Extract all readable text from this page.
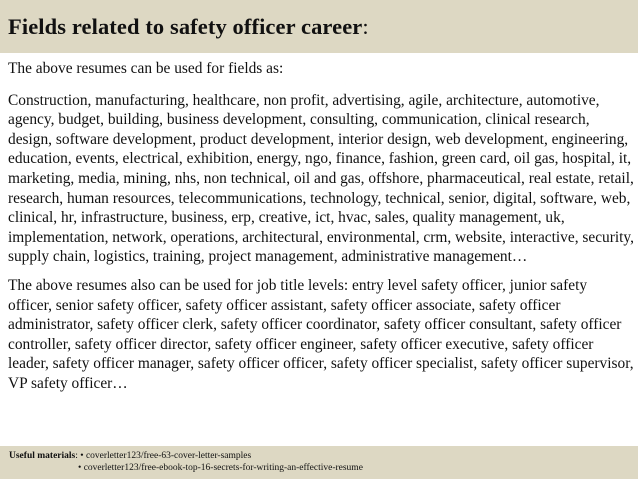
Fields related to safety officer career:

The above resumes can be used for fields as:

Construction, manufacturing, healthcare, non profit, advertising, agile, architecture, automotive, agency, budget, building, business development, consulting, communication, clinical research, design, software development, product development, interior design, web development, engineering, education, events, electrical, exhibition, energy, ngo, finance, fashion, green card, oil gas, hospital, it, marketing, media, mining, nhs, non technical, oil and gas, offshore, pharmaceutical, real estate, retail, research, human resources, telecommunications, technology, technical, senior, digital, software, web, clinical, hr, infrastructure, business, erp, creative, ict, hvac, sales, quality management, uk, implementation, network, operations, architectural, environmental, crm, website, interactive, security, supply chain, logistics, training, project management, administrative management…

The above resumes also can be used for job title levels: entry level safety officer, junior safety officer, senior safety officer, safety officer assistant, safety officer associate, safety officer administrator, safety officer clerk, safety officer coordinator, safety officer consultant, safety officer controller, safety officer director, safety officer engineer, safety officer executive, safety officer leader, safety officer manager, safety officer officer, safety officer specialist, safety officer supervisor, VP safety officer…

Useful materials: • coverletter123/free-63-cover-letter-samples
• coverletter123/free-ebook-top-16-secrets-for-writing-an-effective-resume
